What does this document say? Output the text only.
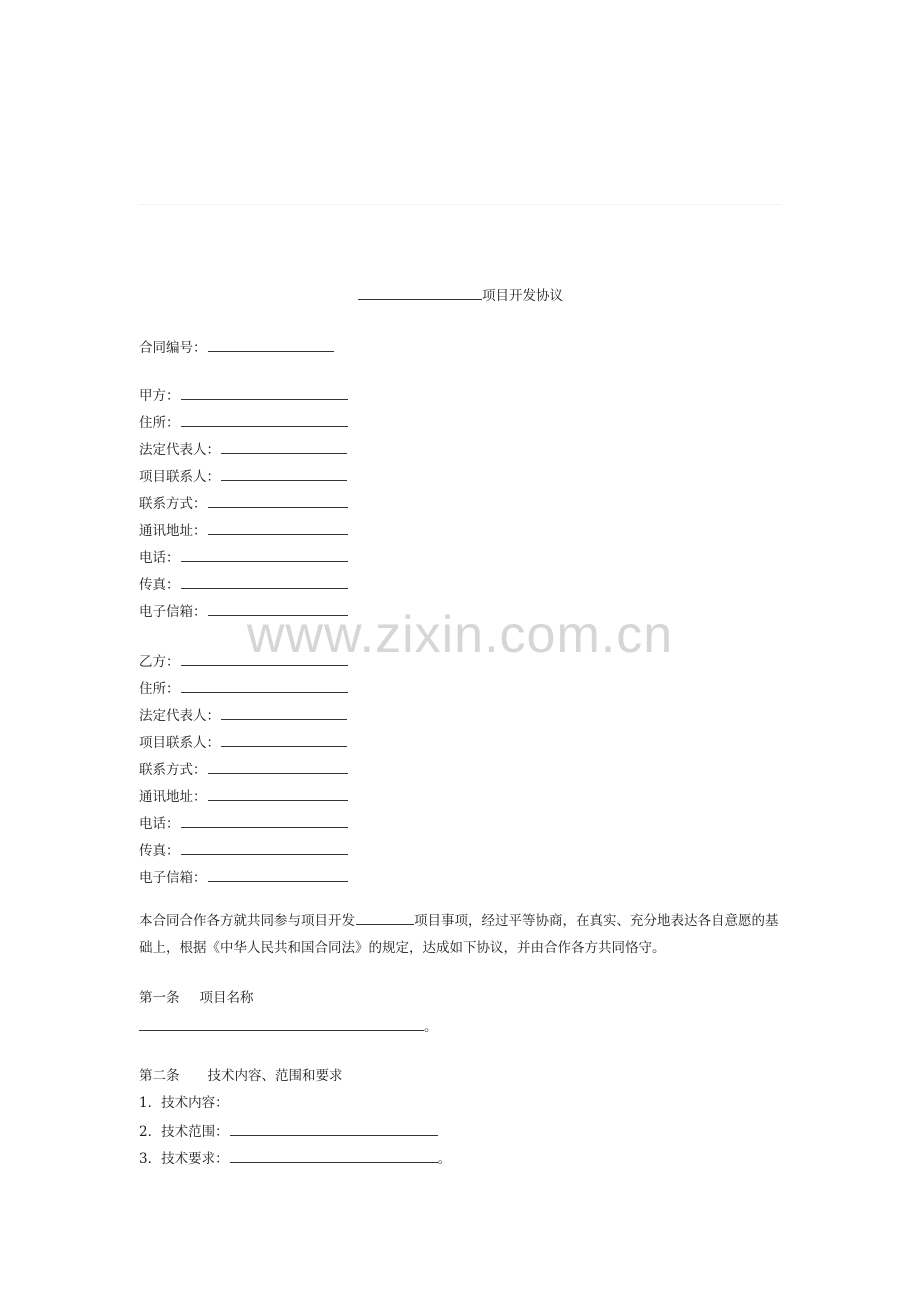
项目开发协议
合同编号：
甲方：
住所：
法定代表人：
项目联系人：
联系方式：
通讯地址：
电话：
传真：
电子信箱：
乙方：
住所：
法定代表人：
项目联系人：
联系方式：
通讯地址：
电话：
传真：
电子信箱：
本合同合作各方就共同参与项目开发	项目事项，经过平等协商，在真实、充分地表达各自意愿的基础上，根据《中华人民共和国合同法》的规定，达成如下协议，并由合作各方共同恪守。
第一条 项目名称
。
第二条 技术内容、范围和要求
1．技术内容：
2．技术范围：
3．技术要求：	。
www.zixin.com.cn
